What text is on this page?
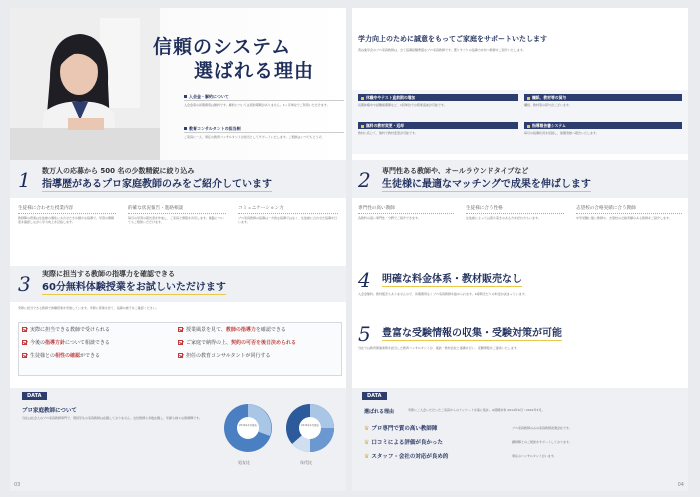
信頼のシステム
選ばれる理由
入会金・解約について
入会金等の初期費用は無料です。解約については契約期間がありません。1ヶ月単位でご利用いただけます。
教育コンサルタントの担当制
ご家庭に一人、専任の教育コンサルタントが担当としてサポートいたします。ご相談はいつでもどうぞ。
1 数万人の応募から 500 名の少数精鋭に絞り込み
指導歴があるプロ家庭教師のみをご紹介しています
生徒様に合わせた授業内容
教師陣の授業は生徒様の個性にあわせたきめ細かな指導で、学習の理解度を確認しながら学力向上を目指します。
的確な状況報告・進路相談
毎月の学習の報告書を作成し、ご家庭と情報を共有します。進路についてもご相談いただけます。
コミュニケーション力
プロ家庭教師の指導は一方的な指導ではなく、生徒様に合わせた指導を行います。
3 実際に担当する教師の指導力を確認できる
60分無料体験授業をお試しいただけます
実際に担当できる教師で体験授業を実施しています。実際に授業を見て、指導の様子をご確認ください。
実際に担当できる教師で受けられる
今後の指導方針について相談できる
生徒様との相性の確認ができる
授業風景を見て、教師の指導力を確認できる
ご家庭で納得の上、契約の可否を後日決められる
担任の教育コンサルタントが同行する
DATA
プロ家庭教師について
当社は社会人のプロ家庭教師専門で、現役学生の家庭教師は在籍しておりません。女性教師も多数在籍し、年齢も様々な教師陣です。
2019年4月現在
男女比
2019年4月現在
年代比
03
学力向上のために誠意をもってご家庭をサポートいたします
西谷進学会のプロ家庭教師は、全て指導経験豊富なプロ家庭教師です。選りすぐりの指導力を持つ教師をご紹介いたします。
休職中やテスト直前期の増加
長期休暇中や試験前期間など、1回単位での授業追加が可能です。
無料の教材変更・返却
教材に応じて、無料で教材変更が可能です。
欄紙、教材等の貸与
欄紙、教材等の貸与がございます。
指導報告書システム
毎月の指導状況を記録し、保護者様へ報告いたします。
2 専門性ある教師や、オールラウンドタイプなど
生徒様に最適なマッチングで成果を伸ばします
専門性の高い教師
各教科の高い専門性・分野でご紹介できます。
生徒様に合う性格
生徒様によっては落ち着きのある方を好む方もいます。
志望校の合格実績に合う教師
中学受験に強い教師や、志望校の合格実績のある教師をご紹介します。
4 明確な料金体系・教材販売なし
入会金無料。教材販売もありませんので、初期費用なくプロ家庭教師を始められます。1時間当たりの料金が決まっています。
5 豊富な受験情報の収集・受験対策が可能
当社では教育関連業務を担当した教育コンサルタントが、模試・教材会社と連携を行い、受験情報をご提供いたします。
DATA
選ばれる理由	実際にご入会いただいたご家庭からのアンケートを基に集計。※期間対象 2014年6月〜2019年3月。
♛ プロ専門で質の高い教師陣
♛ 口コミによる評価が良かった
♛ スタッフ・会社の対応が良め的
プロ家庭教師のみの家庭教師派遣会社です。
講師陣とのご相談をサポートしております。
専任のコンサルタントがいます。
04
